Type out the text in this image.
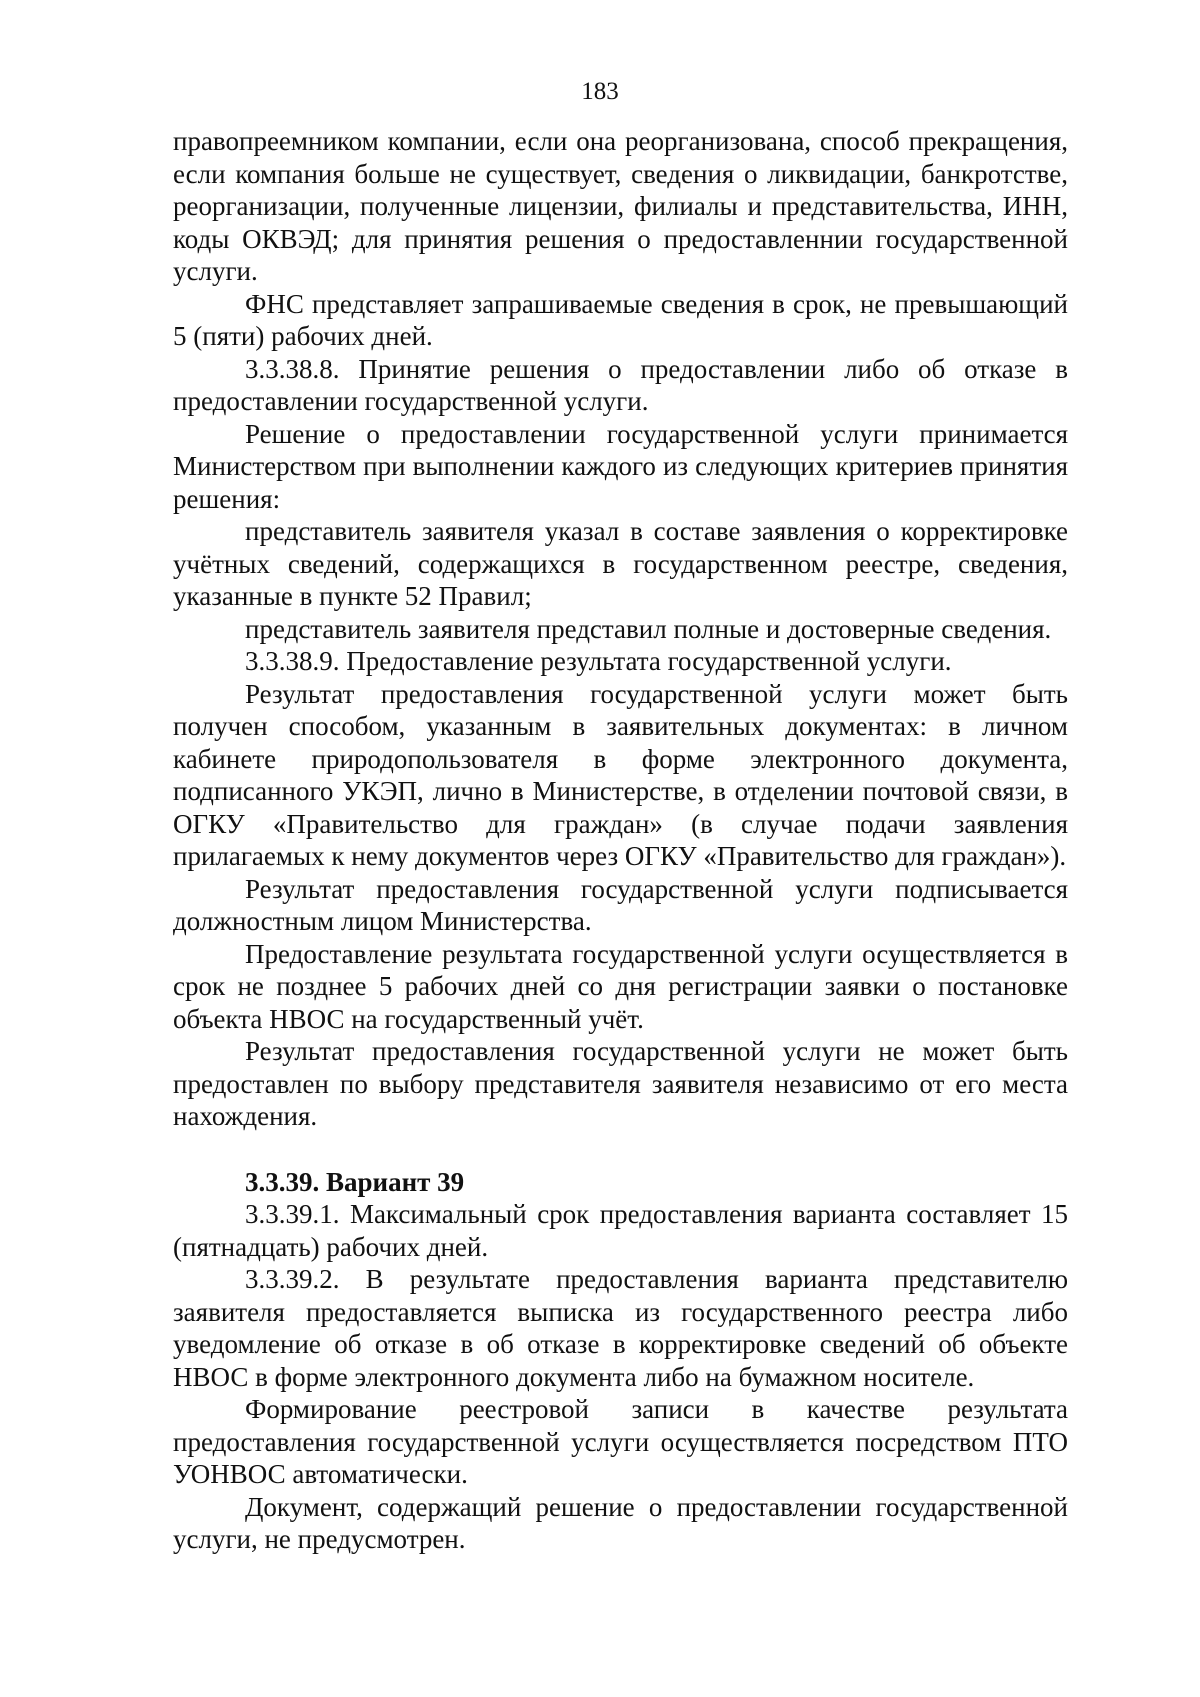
183

правопреемником компании, если она реорганизована, способ прекращения, если компания больше не существует, сведения о ликвидации, банкротстве, реорганизации, полученные лицензии, филиалы и представительства, ИНН, коды ОКВЭД; для принятия решения о предоставленнии государственной услуги.

ФНС представляет запрашиваемые сведения в срок, не превышающий 5 (пяти) рабочих дней.

3.3.38.8. Принятие решения о предоставлении либо об отказе в предоставлении государственной услуги.

Решение о предоставлении государственной услуги принимается Министерством при выполнении каждого из следующих критериев принятия решения:

представитель заявителя указал в составе заявления о корректировке учётных сведений, содержащихся в государственном реестре, сведения, указанные в пункте 52 Правил;

представитель заявителя представил полные и достоверные сведения.

3.3.38.9. Предоставление результата государственной услуги.

Результат предоставления государственной услуги может быть получен способом, указанным в заявительных документах: в личном кабинете природопользователя в форме электронного документа, подписанного УКЭП, лично в Министерстве, в отделении почтовой связи, в ОГКУ «Правительство для граждан» (в случае подачи заявления прилагаемых к нему документов через ОГКУ «Правительство для граждан»).

Результат предоставления государственной услуги подписывается должностным лицом Министерства.

Предоставление результата государственной услуги осуществляется в срок не позднее 5 рабочих дней со дня регистрации заявки о постановке объекта НВОС на государственный учёт.

Результат предоставления государственной услуги не может быть предоставлен по выбору представителя заявителя независимо от его места нахождения.

3.3.39. Вариант 39

3.3.39.1. Максимальный срок предоставления варианта составляет 15 (пятнадцать) рабочих дней.

3.3.39.2. В результате предоставления варианта представителю заявителя предоставляется выписка из государственного реестра либо уведомление об отказе в об отказе в корректировке сведений об объекте НВОС в форме электронного документа либо на бумажном носителе.

Формирование реестровой записи в качестве результата предоставления государственной услуги осуществляется посредством ПТО УОНВОС автоматически.

Документ, содержащий решение о предоставлении государственной услуги, не предусмотрен.
